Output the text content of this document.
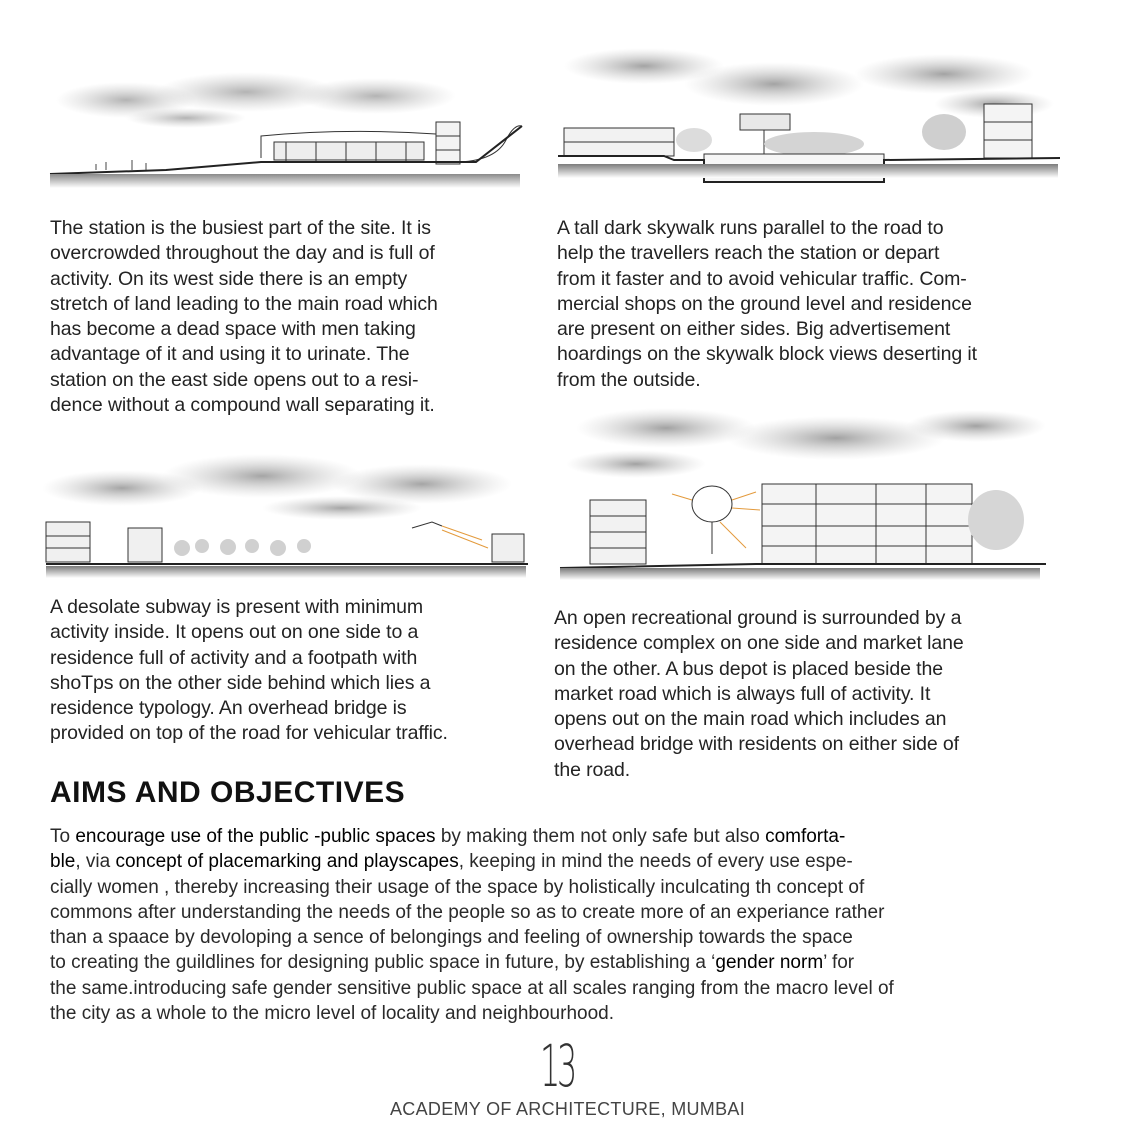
The station is the busiest part of the site. It is
overcrowded throughout the day and is full of
activity. On its west side there is an empty
stretch of land leading to the main road which
has become a dead space with men taking
advantage of it and using it to urinate. The
station on the east side opens out to a resi-
dence without a compound wall separating it.
A tall dark skywalk runs parallel to the road to
help the travellers reach the station or depart
from it faster and to avoid vehicular traffic. Com-
mercial shops on the ground level and residence
are present on either sides. Big advertisement
hoardings on the skywalk block views deserting it
from the outside.
A desolate subway is present with minimum
activity inside. It opens out on one side to a
residence full of activity and a footpath with
shoTps on the other side behind which lies a
residence typology. An overhead bridge is
provided on top of the road for vehicular traffic.
An open recreational ground is surrounded by a
residence complex on one side and market lane
on the other. A bus depot is placed beside the
market road which is always full of activity. It
opens out on the main road which includes an
overhead bridge with residents on either side of
the road.
AIMS AND OBJECTIVES
To encourage use of the public -public spaces by making them not only safe but also comforta-
ble, via concept of placemarking and playscapes, keeping in mind the needs of every use espe-
cially women , thereby increasing their usage of the space by holistically inculcating th concept of
commons after understanding the needs of the people so as to create more of an experiance rather
than a spaace by devoloping a sence of belongings and feeling of ownership towards the space
to creating the guildlines for designing public space in future, by establishing a ‘gender norm’ for
the same.introducing safe gender sensitive public space at all scales ranging from the macro level of
the city as a whole to the micro level of locality and neighbourhood.
13
ACADEMY OF ARCHITECTURE, MUMBAI
